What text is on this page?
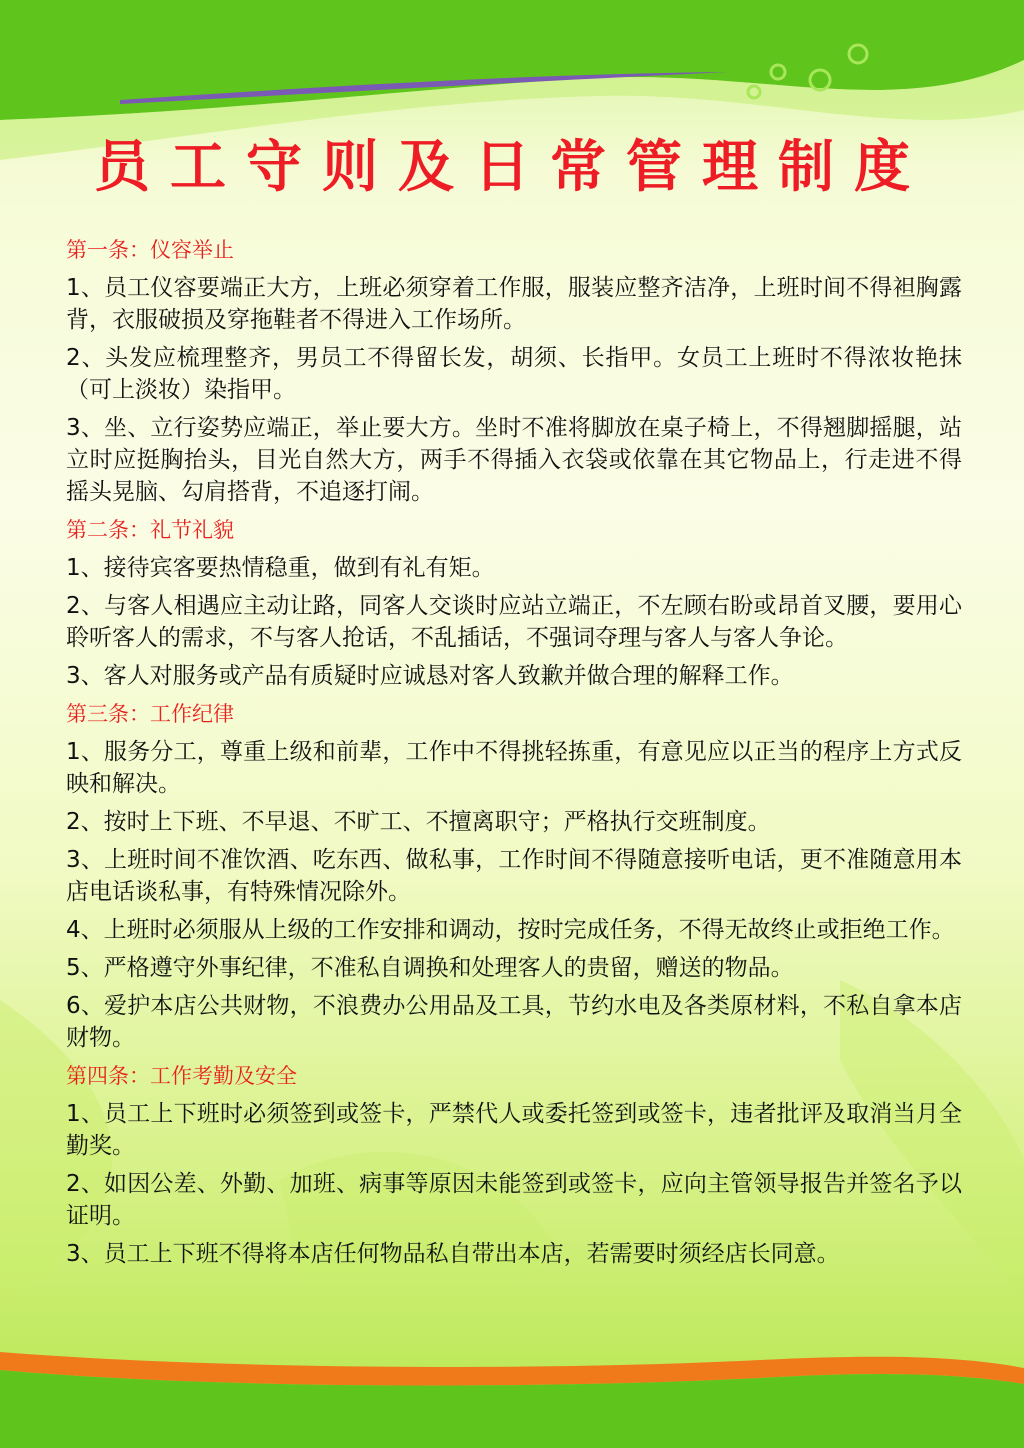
员工守则及日常管理制度

第一条：仪容举止

1、员工仪容要端正大方，上班必须穿着工作服，服装应整齐洁净，上班时间不得袒胸露背，衣服破损及穿拖鞋者不得进入工作场所。

2、头发应梳理整齐，男员工不得留长发，胡须、长指甲。女员工上班时不得浓妆艳抹（可上淡妆）染指甲。

3、坐、立行姿势应端正，举止要大方。坐时不准将脚放在桌子椅上，不得翘脚摇腿，站立时应挺胸抬头，目光自然大方，两手不得插入衣袋或依靠在其它物品上，行走进不得摇头晃脑、勾肩搭背，不追逐打闹。

第二条：礼节礼貌

1、接待宾客要热情稳重，做到有礼有矩。

2、与客人相遇应主动让路，同客人交谈时应站立端正，不左顾右盼或昂首叉腰，要用心聆听客人的需求，不与客人抢话，不乱插话，不强词夺理与客人与客人争论。

3、客人对服务或产品有质疑时应诚恳对客人致歉并做合理的解释工作。

第三条：工作纪律

1、服务分工，尊重上级和前辈，工作中不得挑轻拣重，有意见应以正当的程序上方式反映和解决。

2、按时上下班、不早退、不旷工、不擅离职守；严格执行交班制度。

3、上班时间不准饮酒、吃东西、做私事，工作时间不得随意接听电话，更不准随意用本店电话谈私事，有特殊情况除外。

4、上班时必须服从上级的工作安排和调动，按时完成任务，不得无故终止或拒绝工作。

5、严格遵守外事纪律，不准私自调换和处理客人的贵留，赠送的物品。

6、爱护本店公共财物，不浪费办公用品及工具，节约水电及各类原材料，不私自拿本店财物。

第四条：工作考勤及安全

1、员工上下班时必须签到或签卡，严禁代人或委托签到或签卡，违者批评及取消当月全勤奖。

2、如因公差、外勤、加班、病事等原因未能签到或签卡，应向主管领导报告并签名予以证明。

3、员工上下班不得将本店任何物品私自带出本店，若需要时须经店长同意。
